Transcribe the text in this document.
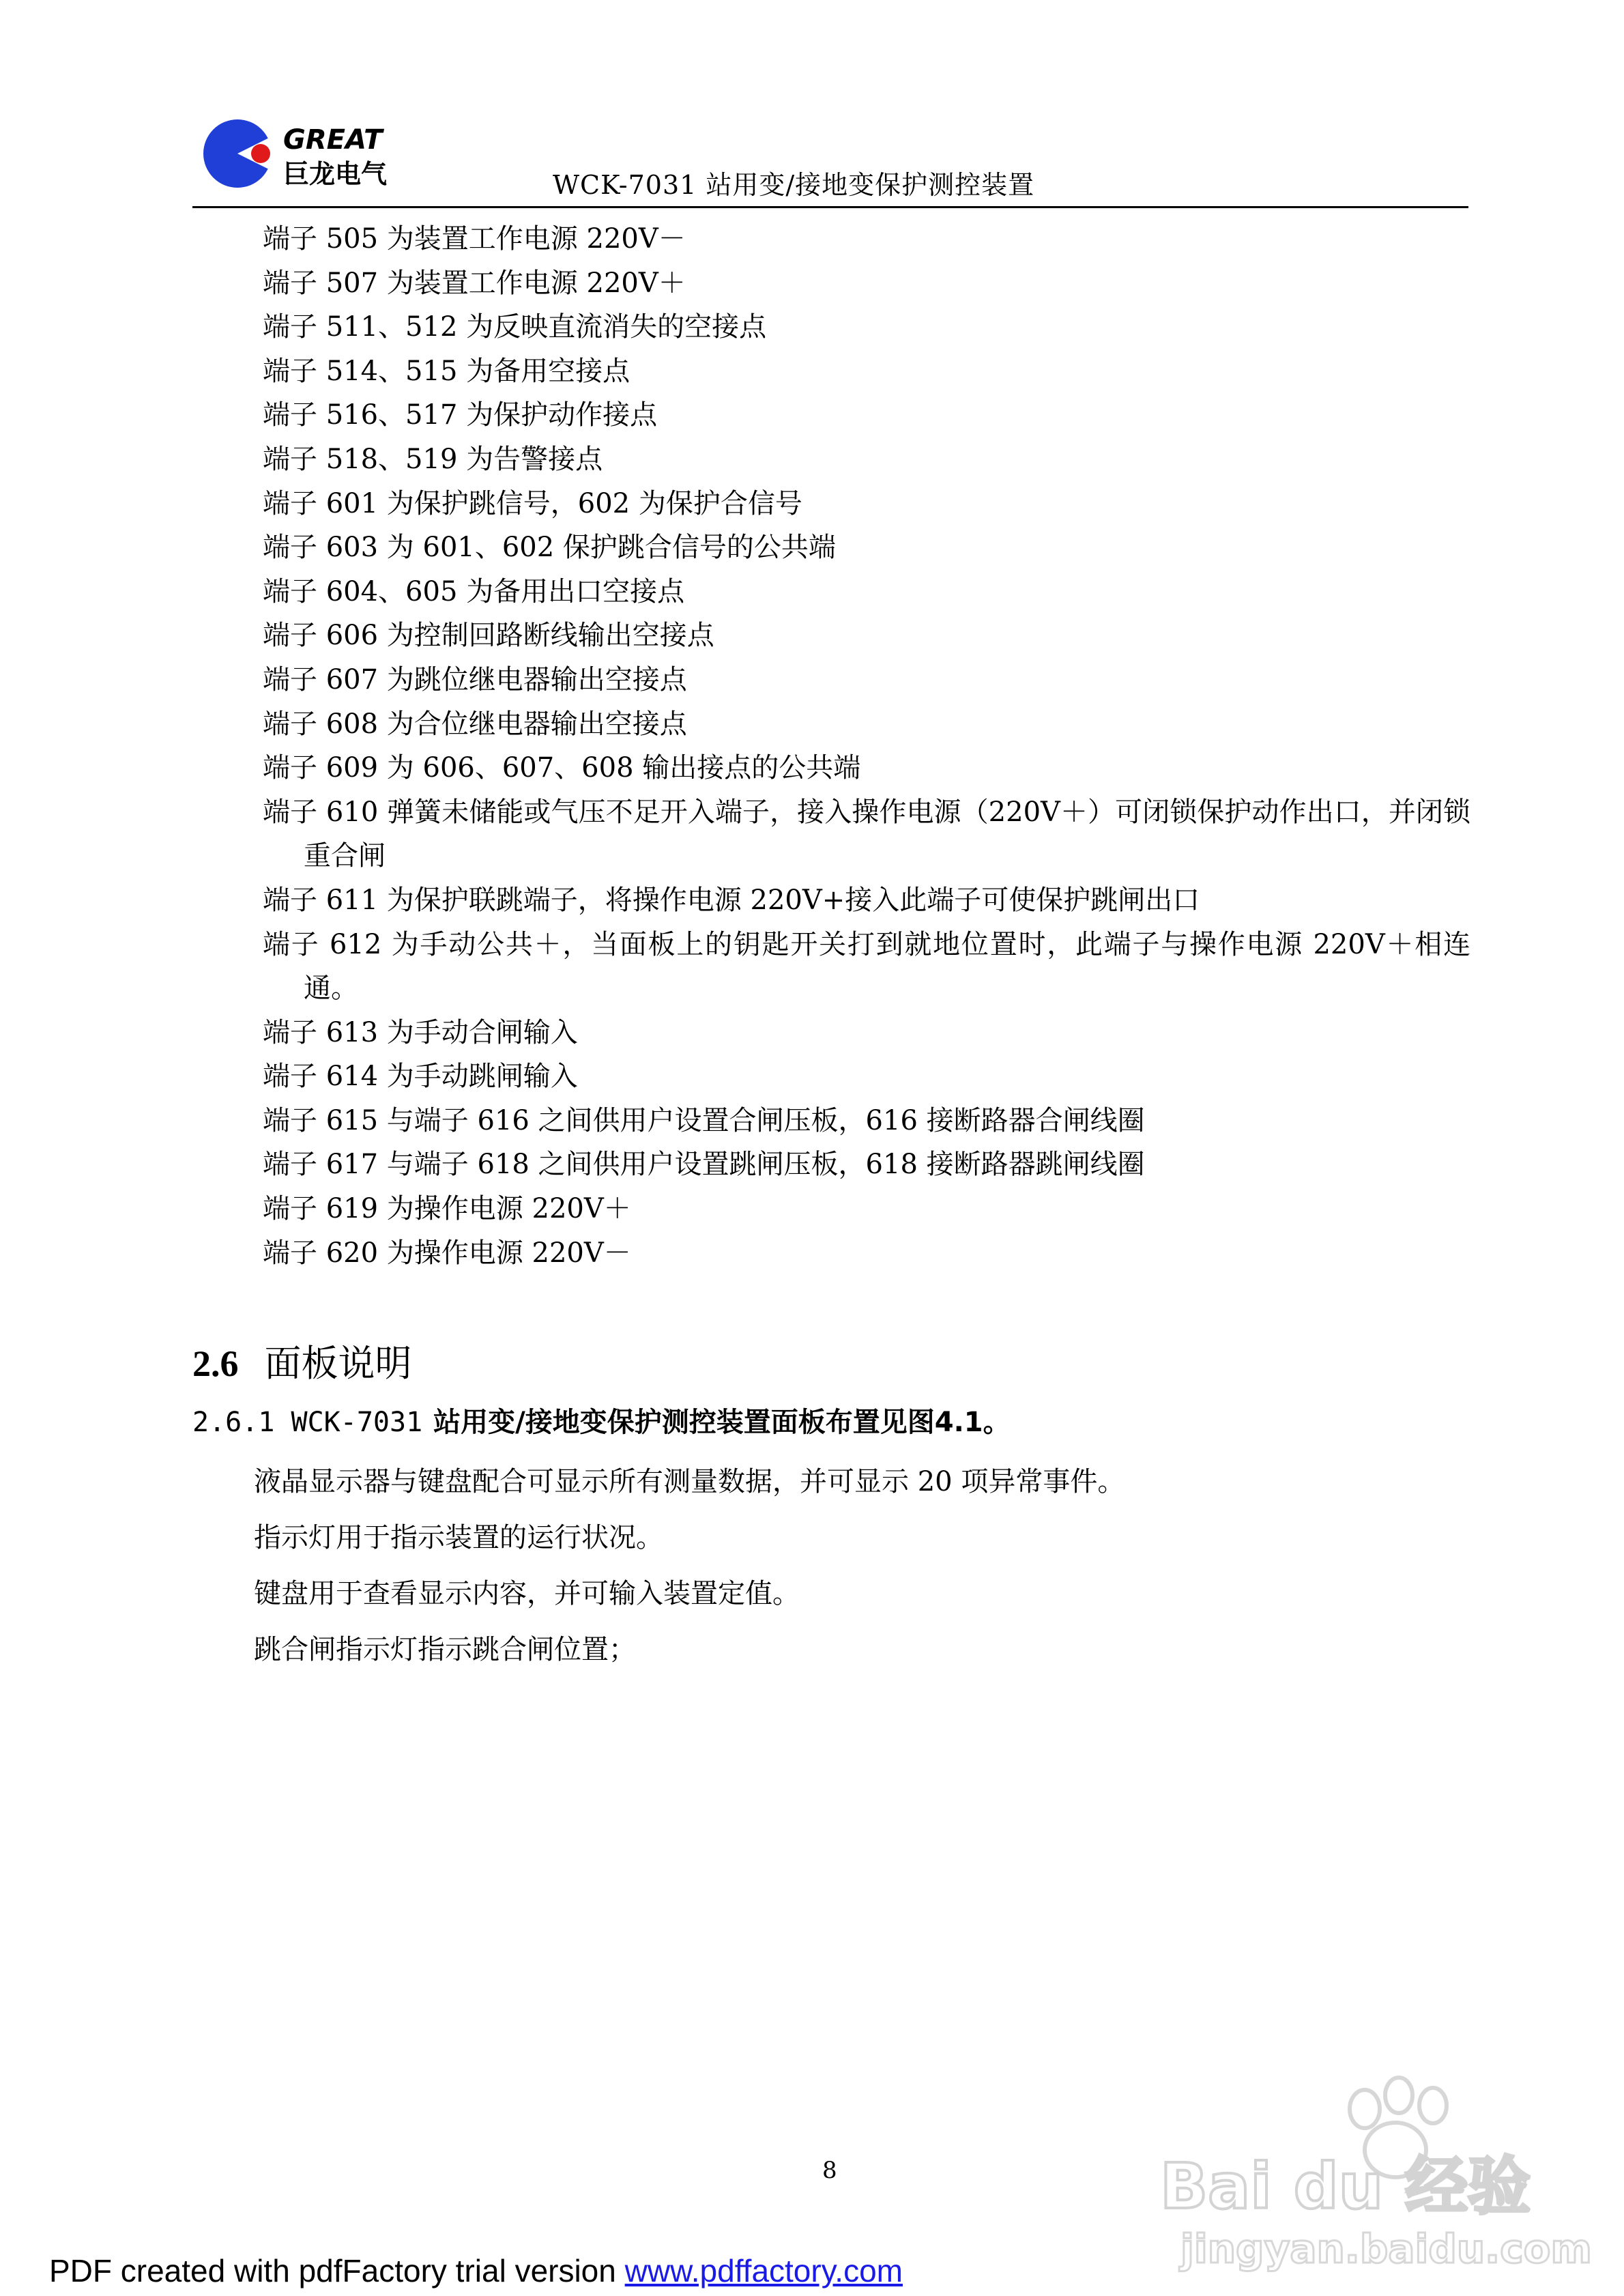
GREAT
巨龙电气	WCK-7031 站用变/接地变保护测控装置
端子 505 为装置工作电源 220V－
端子 507 为装置工作电源 220V＋
端子 511、512 为反映直流消失的空接点
端子 514、515 为备用空接点
端子 516、517 为保护动作接点
端子 518、519 为告警接点
端子 601 为保护跳信号，602 为保护合信号
端子 603 为 601、602 保护跳合信号的公共端
端子 604、605 为备用出口空接点
端子 606 为控制回路断线输出空接点
端子 607 为跳位继电器输出空接点
端子 608 为合位继电器输出空接点
端子 609 为 606、607、608 输出接点的公共端
端子 610 弹簧未储能或气压不足开入端子，接入操作电源（220V＋）可闭锁保护动作出口，并闭锁重合闸
端子 611 为保护联跳端子，将操作电源 220V+接入此端子可使保护跳闸出口
端子 612 为手动公共＋，当面板上的钥匙开关打到就地位置时，此端子与操作电源 220V＋相连通。
端子 613 为手动合闸输入
端子 614 为手动跳闸输入
端子 615 与端子 616 之间供用户设置合闸压板，616 接断路器合闸线圈
端子 617 与端子 618 之间供用户设置跳闸压板，618 接断路器跳闸线圈
端子 619 为操作电源 220V＋
端子 620 为操作电源 220V－
2.6 面板说明
2.6.1 WCK-7031 站用变/接地变保护测控装置面板布置见图4.1。
液晶显示器与键盘配合可显示所有测量数据，并可显示 20 项异常事件。
指示灯用于指示装置的运行状况。
键盘用于查看显示内容，并可输入装置定值。
跳合闸指示灯指示跳合闸位置；
8	Bai du 经验
jingyan.baidu.com
PDF created with pdfFactory trial version www.pdffactory.com
